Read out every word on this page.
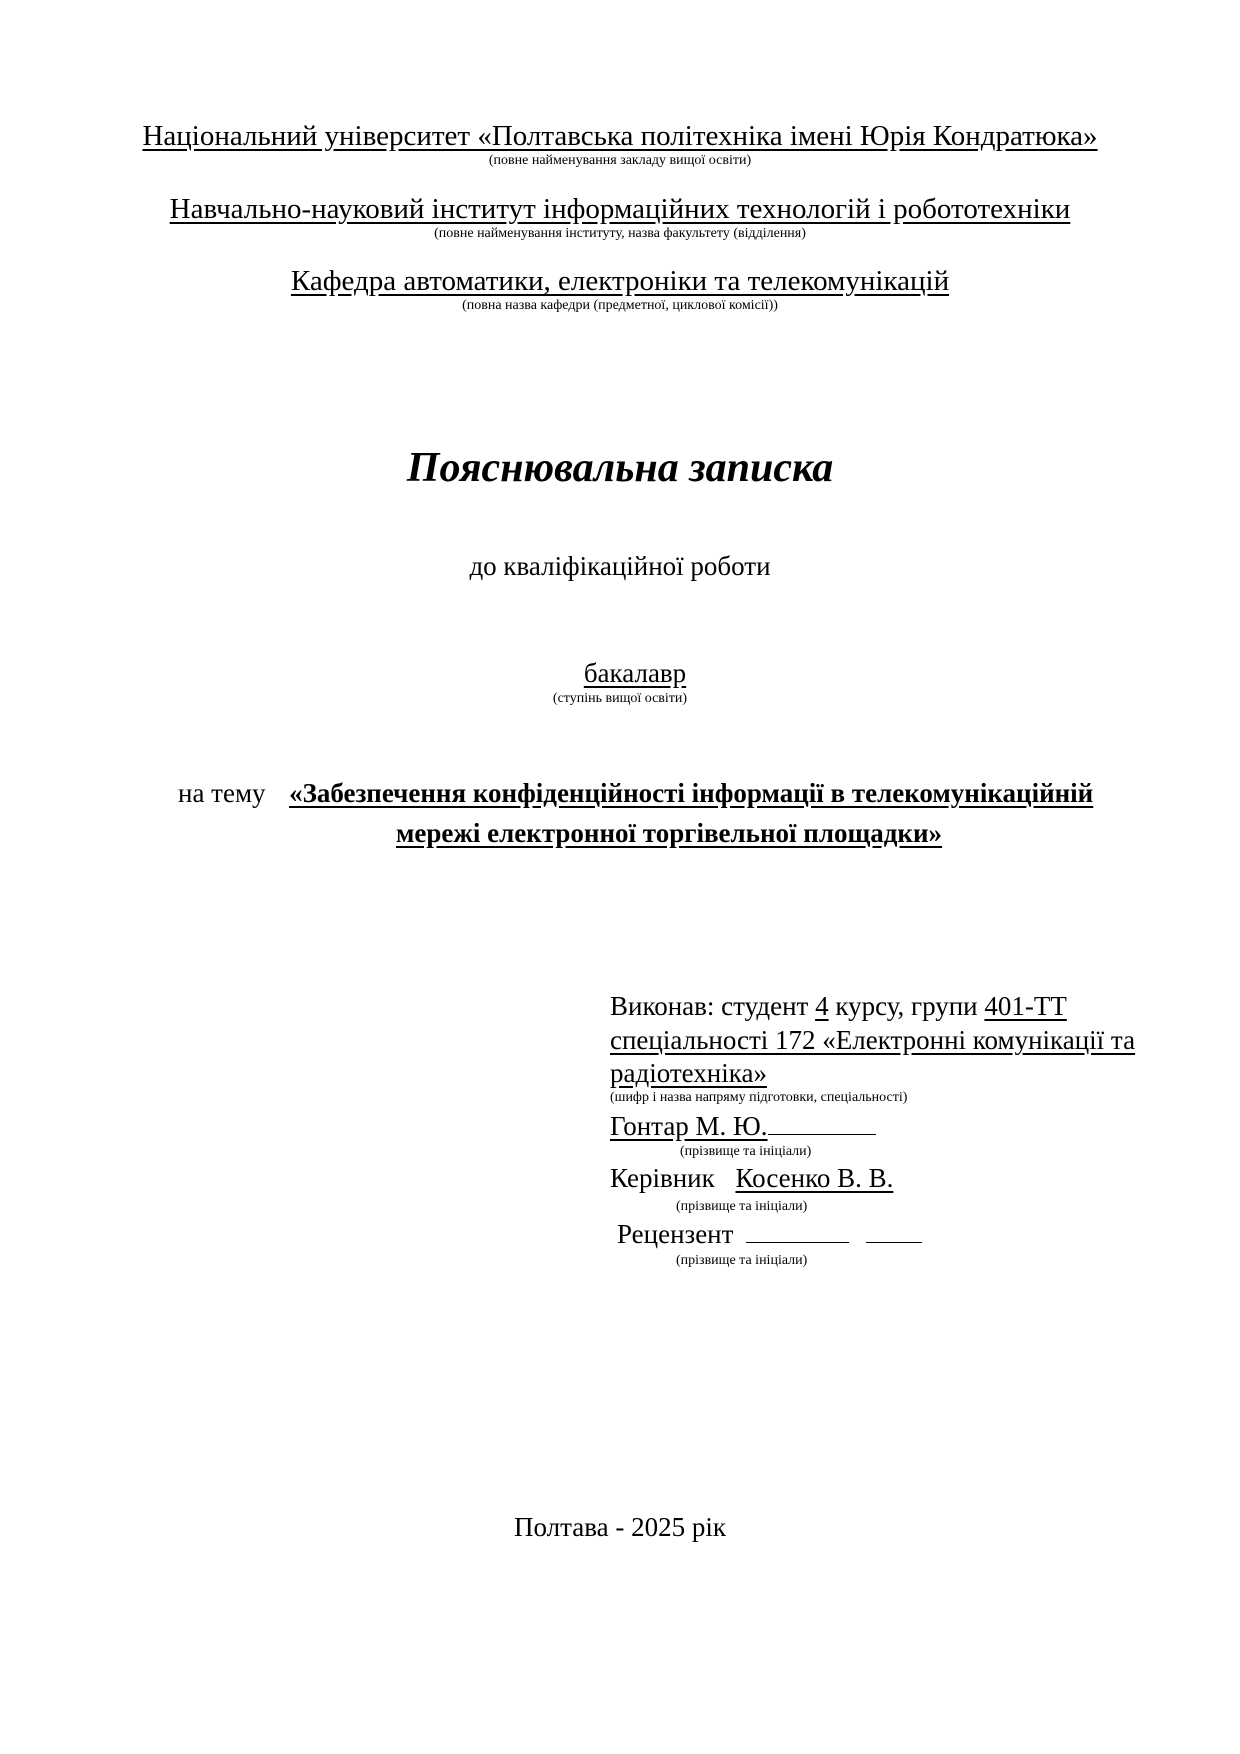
Національний університет «Полтавська політехніка імені Юрія Кондратюка»
(повне найменування закладу вищої освіти)
Навчально-науковий інститут інформаційних технологій і робототехніки
(повне найменування інституту, назва факультету (відділення)
Кафедра автоматики, електроніки та телекомунікацій
(повна назва кафедри (предметної, циклової комісії))
Пояснювальна записка
до кваліфікаційної роботи
бакалавр
(ступінь вищої освіти)
на тему «Забезпечення конфіденційності інформації в телекомунікаційній
мережі електронної торгівельної площадки»
Виконав: студент 4 курсу, групи 401-ТТ
спеціальності 172 «Електронні комунікації та
радіотехніка»
(шифр і назва напряму підготовки, спеціальності)
Гонтар М. Ю.
(прізвище та ініціали)
Керівник Косенко В. В.
(прізвище та ініціали)
Рецензент
(прізвище та ініціали)
Полтава - 2025 рік
